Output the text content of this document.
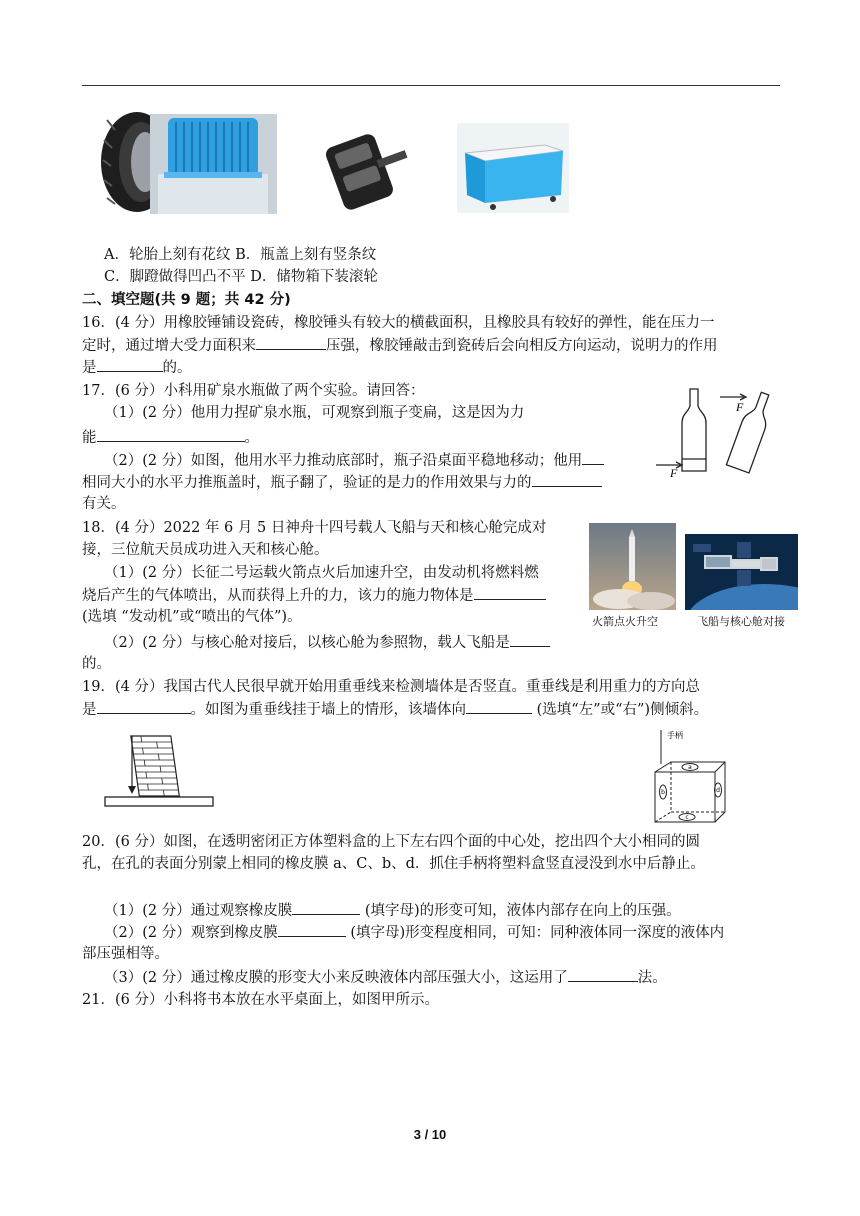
A．轮胎上刻有花纹 B．瓶盖上刻有竖条纹
C．脚蹬做得凹凸不平 D．储物箱下装滚轮
二、填空题(共 9 题；共 42 分)
16．(4 分）用橡胶锤铺设瓷砖，橡胶锤头有较大的横截面积，且橡胶具有较好的弹性，能在压力一
定时，通过增大受力面积来	压强，橡胶锤敲击到瓷砖后会向相反方向运动，说明力的作用
是	的。
17．(6 分）小科用矿泉水瓶做了两个实验。请回答：
（1）(2 分）他用力捏矿泉水瓶，可观察到瓶子变扁，这是因为力
能	。
（2）(2 分）如图，他用水平力推动底部时，瓶子沿桌面平稳地移动；他用
相同大小的水平力推瓶盖时，瓶子翻了，验证的是力的作用效果与力的
有关。
F
F
18．(4 分）2022 年 6 月 5 日神舟十四号载人飞船与天和核心舱完成对
接，三位航天员成功进入天和核心舱。
（1）(2 分）长征二号运载火箭点火后加速升空，由发动机将燃料燃
烧后产生的气体喷出，从而获得上升的力，该力的施力物体是
(选填 “发动机”或“喷出的气体”)。
（2）(2 分）与核心舱对接后，以核心舱为参照物，载人飞船是
的。
火箭点火升空	飞船与核心舱对接
19．(4 分）我国古代人民很早就开始用重垂线来检测墙体是否竖直。重垂线是利用重力的方向总
是	。如图为重垂线挂于墙上的情形，该墙体向	(选填“左”或“右”)侧倾斜。
手柄
a
b
c
d
20．(6 分）如图，在透明密闭正方体塑料盒的上下左右四个面的中心处，挖出四个大小相同的圆
孔，在孔的表面分别蒙上相同的橡皮膜 a、C、b、d．抓住手柄将塑料盒竖直浸没到水中后静止。
（1）(2 分）通过观察橡皮膜	(填字母)的形变可知，液体内部存在向上的压强。
（2）(2 分）观察到橡皮膜	(填字母)形变程度相同，可知：同种液体同一深度的液体内
部压强相等。
（3）(2 分）通过橡皮膜的形变大小来反映液体内部压强大小，这运用了	法。
21．(6 分）小科将书本放在水平桌面上，如图甲所示。
3 / 10
